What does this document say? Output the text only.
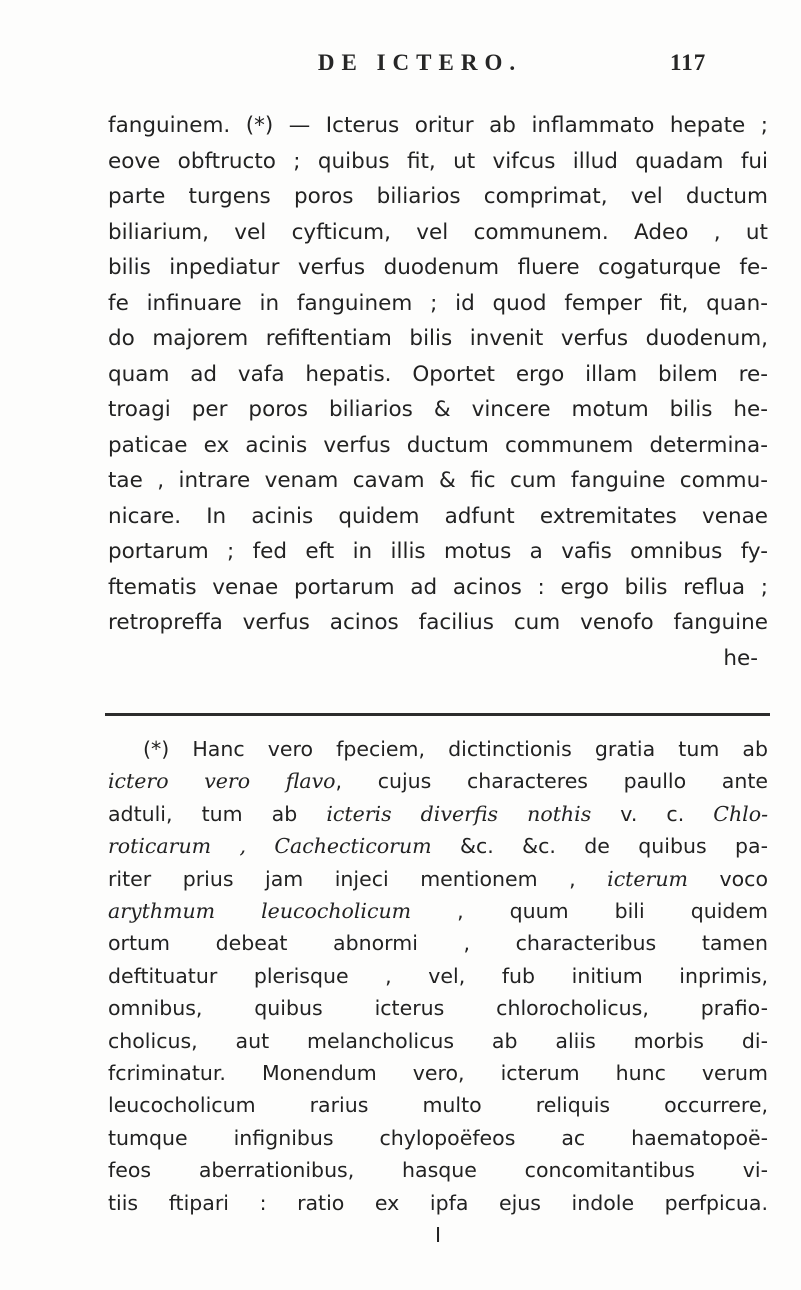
DE ICTERO.	117
fanguinem. (*) — Icterus oritur ab inflammato hepate ;
eove obftructo ; quibus fit, ut vifcus illud quadam fui
parte turgens poros biliarios comprimat, vel ductum
biliarium, vel cyfticum, vel communem. Adeo , ut
bilis inpediatur verfus duodenum fluere cogaturque fe-
fe infinuare in fanguinem ; id quod femper fit, quan-
do majorem refiftentiam bilis invenit verfus duodenum,
quam ad vafa hepatis. Oportet ergo illam bilem re-
troagi per poros biliarios & vincere motum bilis he-
paticae ex acinis verfus ductum communem determina-
tae , intrare venam cavam & fic cum fanguine commu-
nicare. In acinis quidem adfunt extremitates venae
portarum ; fed eft in illis motus a vafis omnibus fy-
ftematis venae portarum ad acinos : ergo bilis reflua ;
retropreffa verfus acinos facilius cum venofo fanguine
he-
(*) Hanc vero fpeciem, dictinctionis gratia tum ab
ictero vero flavo, cujus characteres paullo ante
adtuli, tum ab icteris diverfis nothis v. c. Chlo-
roticarum , Cachecticorum &c. &c. de quibus pa-
riter prius jam injeci mentionem , icterum voco
arythmum leucocholicum , quum bili quidem
ortum debeat abnormi , characteribus tamen
deftituatur plerisque , vel, fub initium inprimis,
omnibus, quibus icterus chlorocholicus, prafio-
cholicus, aut melancholicus ab aliis morbis di-
fcriminatur. Monendum vero, icterum hunc verum
leucocholicum rarius multo reliquis occurrere,
tumque infignibus chylopoëfeos ac haematopoë-
feos aberrationibus, hasque concomitantibus vi-
tiis ftipari : ratio ex ipfa ejus indole perfpicua.
I
